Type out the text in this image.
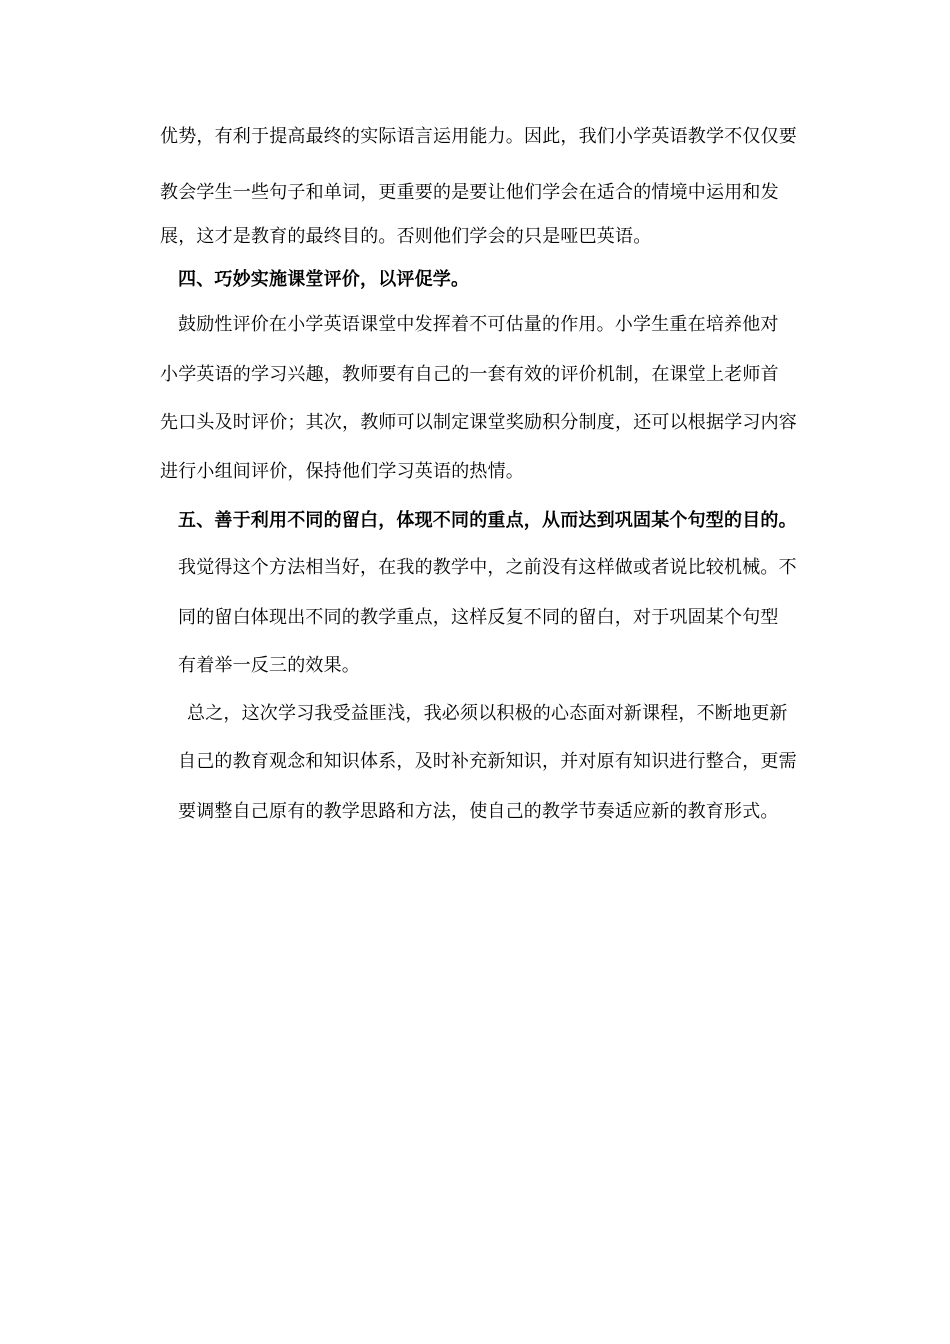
优势，有利于提高最终的实际语言运用能力。因此，我们小学英语教学不仅仅要
教会学生一些句子和单词，更重要的是要让他们学会在适合的情境中运用和发
展，这才是教育的最终目的。否则他们学会的只是哑巴英语。
四、巧妙实施课堂评价，以评促学。
鼓励性评价在小学英语课堂中发挥着不可估量的作用。小学生重在培养他对
小学英语的学习兴趣，教师要有自己的一套有效的评价机制，在课堂上老师首
先口头及时评价；其次，教师可以制定课堂奖励积分制度，还可以根据学习内容
进行小组间评价，保持他们学习英语的热情。
五、善于利用不同的留白，体现不同的重点，从而达到巩固某个句型的目的。
我觉得这个方法相当好，在我的教学中，之前没有这样做或者说比较机械。不
同的留白体现出不同的教学重点，这样反复不同的留白，对于巩固某个句型
有着举一反三的效果。
总之，这次学习我受益匪浅，我必须以积极的心态面对新课程，不断地更新
自己的教育观念和知识体系，及时补充新知识，并对原有知识进行整合，更需
要调整自己原有的教学思路和方法，使自己的教学节奏适应新的教育形式。
